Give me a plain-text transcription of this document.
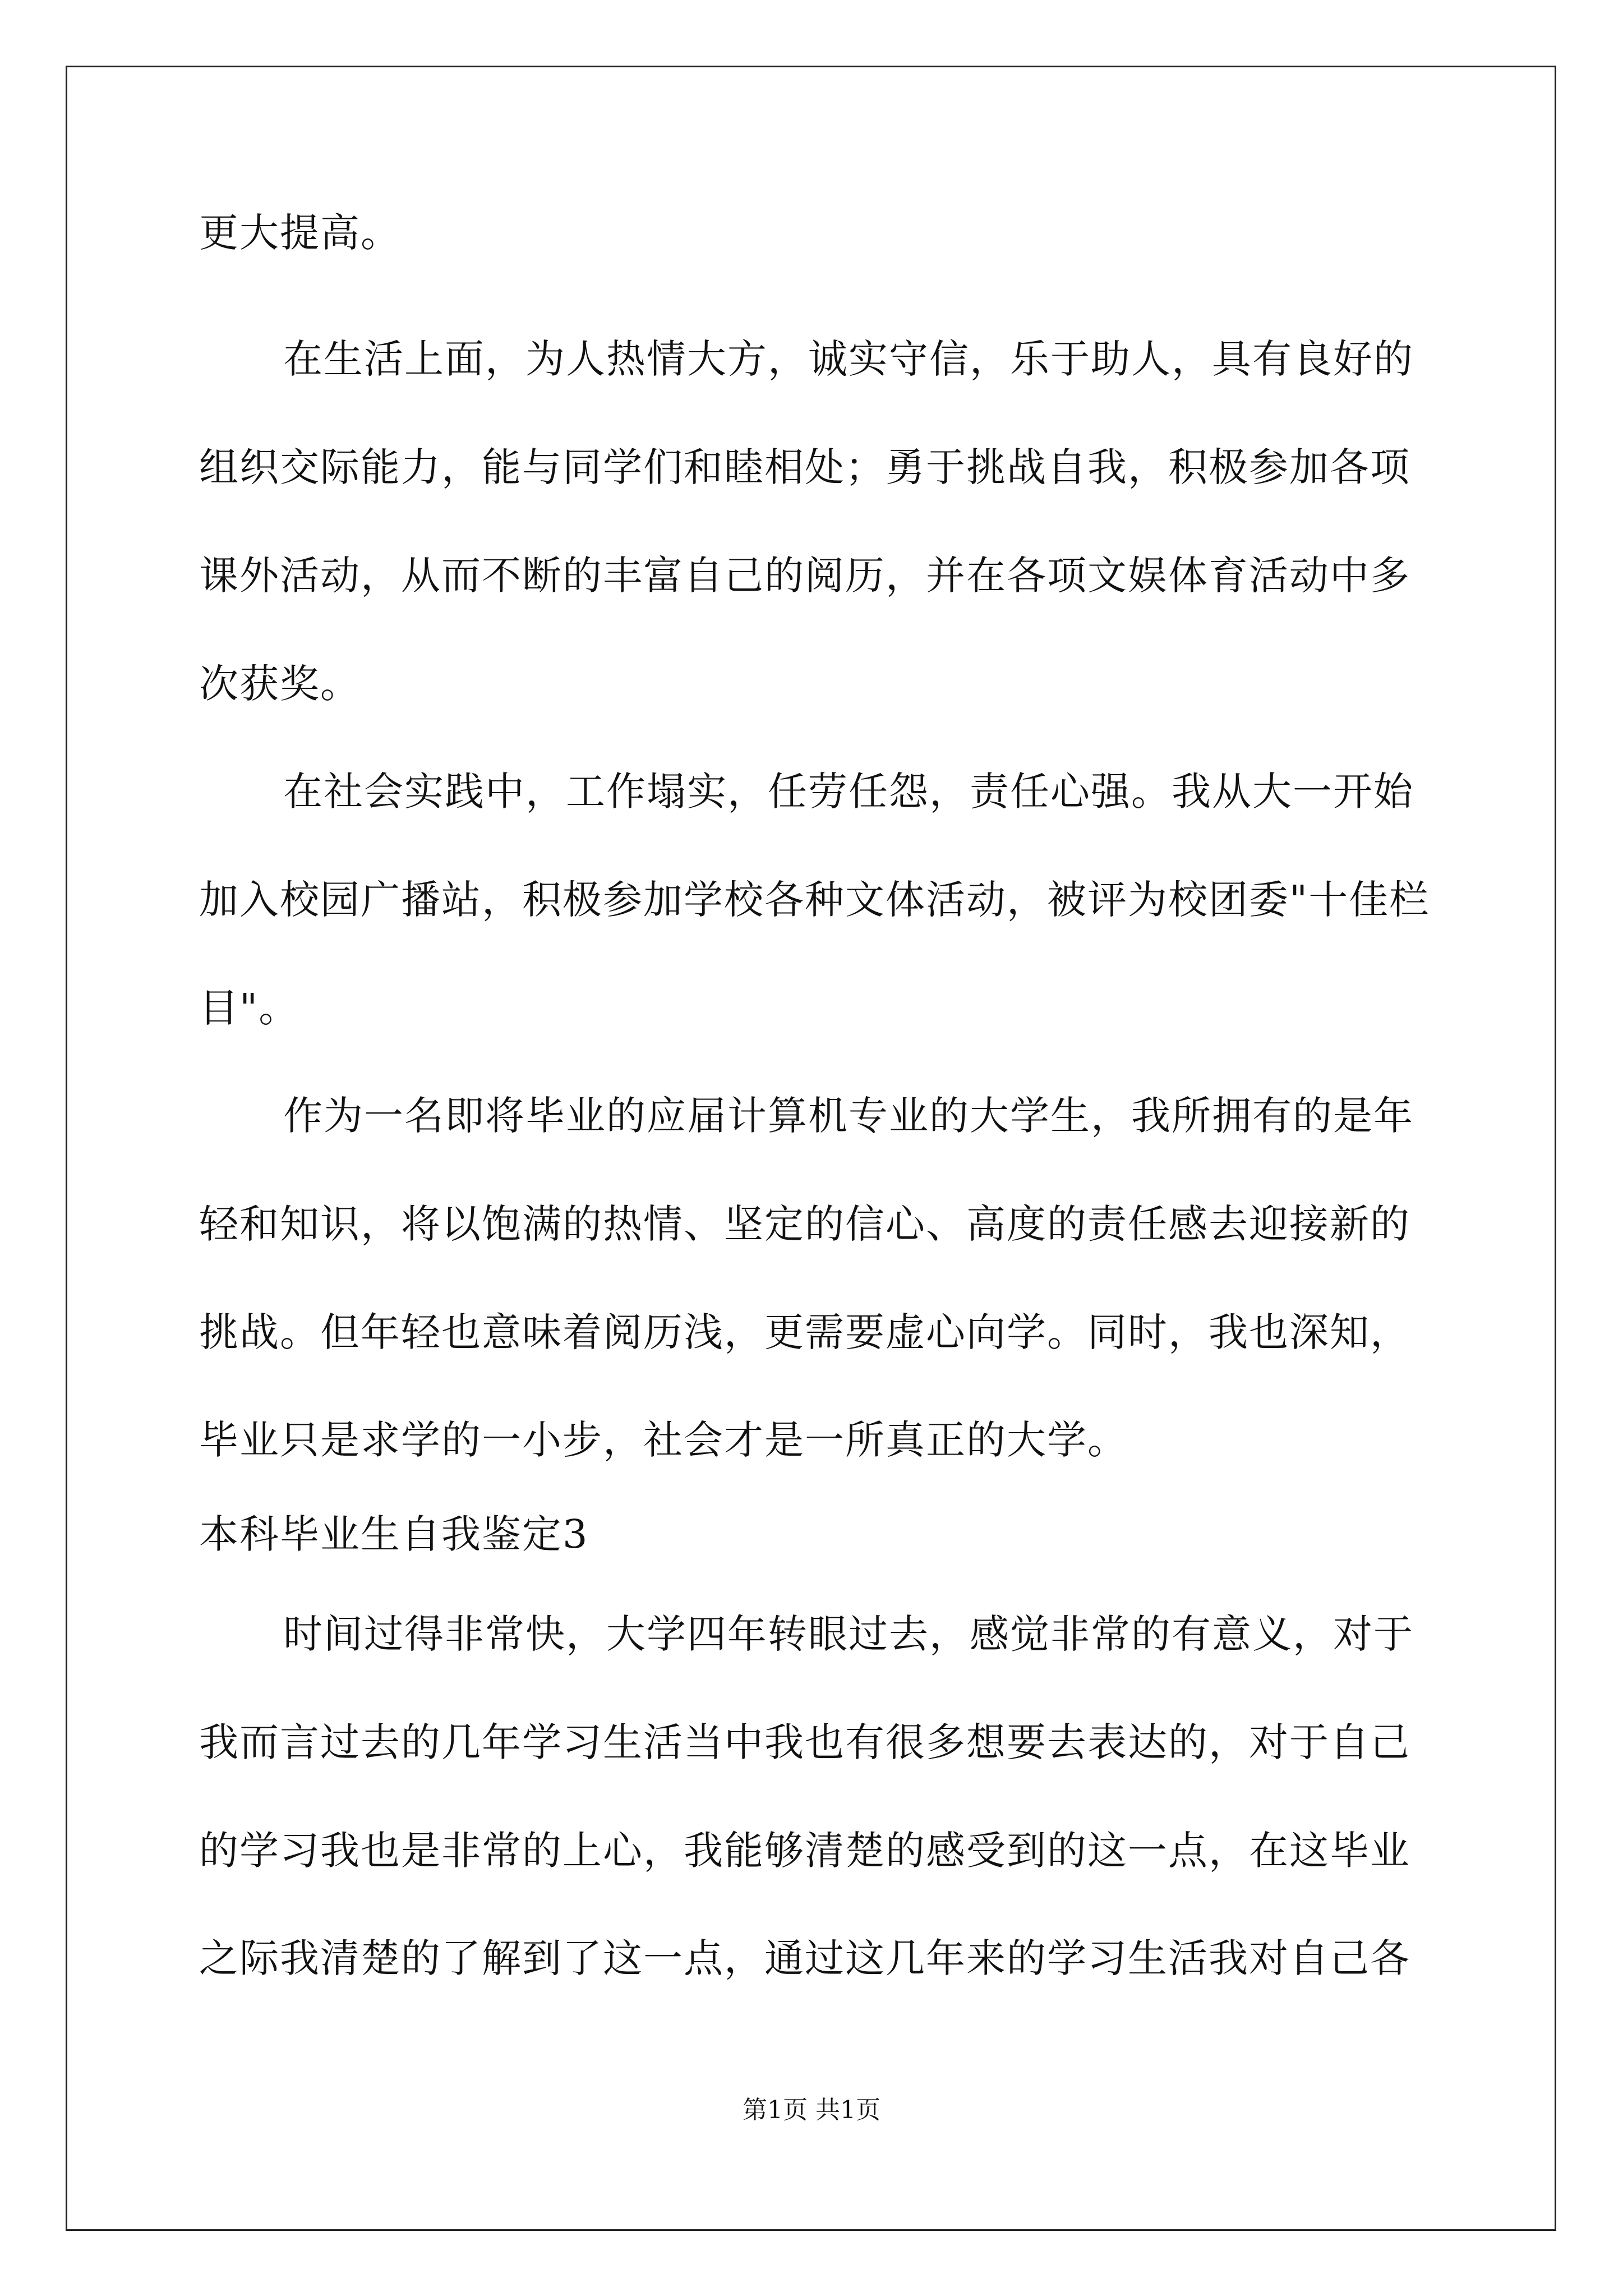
更大提高。
在生活上面，为人热情大方，诚实守信，乐于助人，具有良好的
组织交际能力，能与同学们和睦相处；勇于挑战自我，积极参加各项
课外活动，从而不断的丰富自己的阅历，并在各项文娱体育活动中多
次获奖。
在社会实践中，工作塌实，任劳任怨，责任心强。我从大一开始
加入校园广播站，积极参加学校各种文体活动，被评为校团委"十佳栏
目"。
作为一名即将毕业的应届计算机专业的大学生，我所拥有的是年
轻和知识，将以饱满的热情、坚定的信心、高度的责任感去迎接新的
挑战。但年轻也意味着阅历浅，更需要虚心向学。同时，我也深知，
毕业只是求学的一小步，社会才是一所真正的大学。
本科毕业生自我鉴定3
时间过得非常快，大学四年转眼过去，感觉非常的有意义，对于
我而言过去的几年学习生活当中我也有很多想要去表达的，对于自己
的学习我也是非常的上心，我能够清楚的感受到的这一点，在这毕业
之际我清楚的了解到了这一点，通过这几年来的学习生活我对自己各
第1页 共1页
